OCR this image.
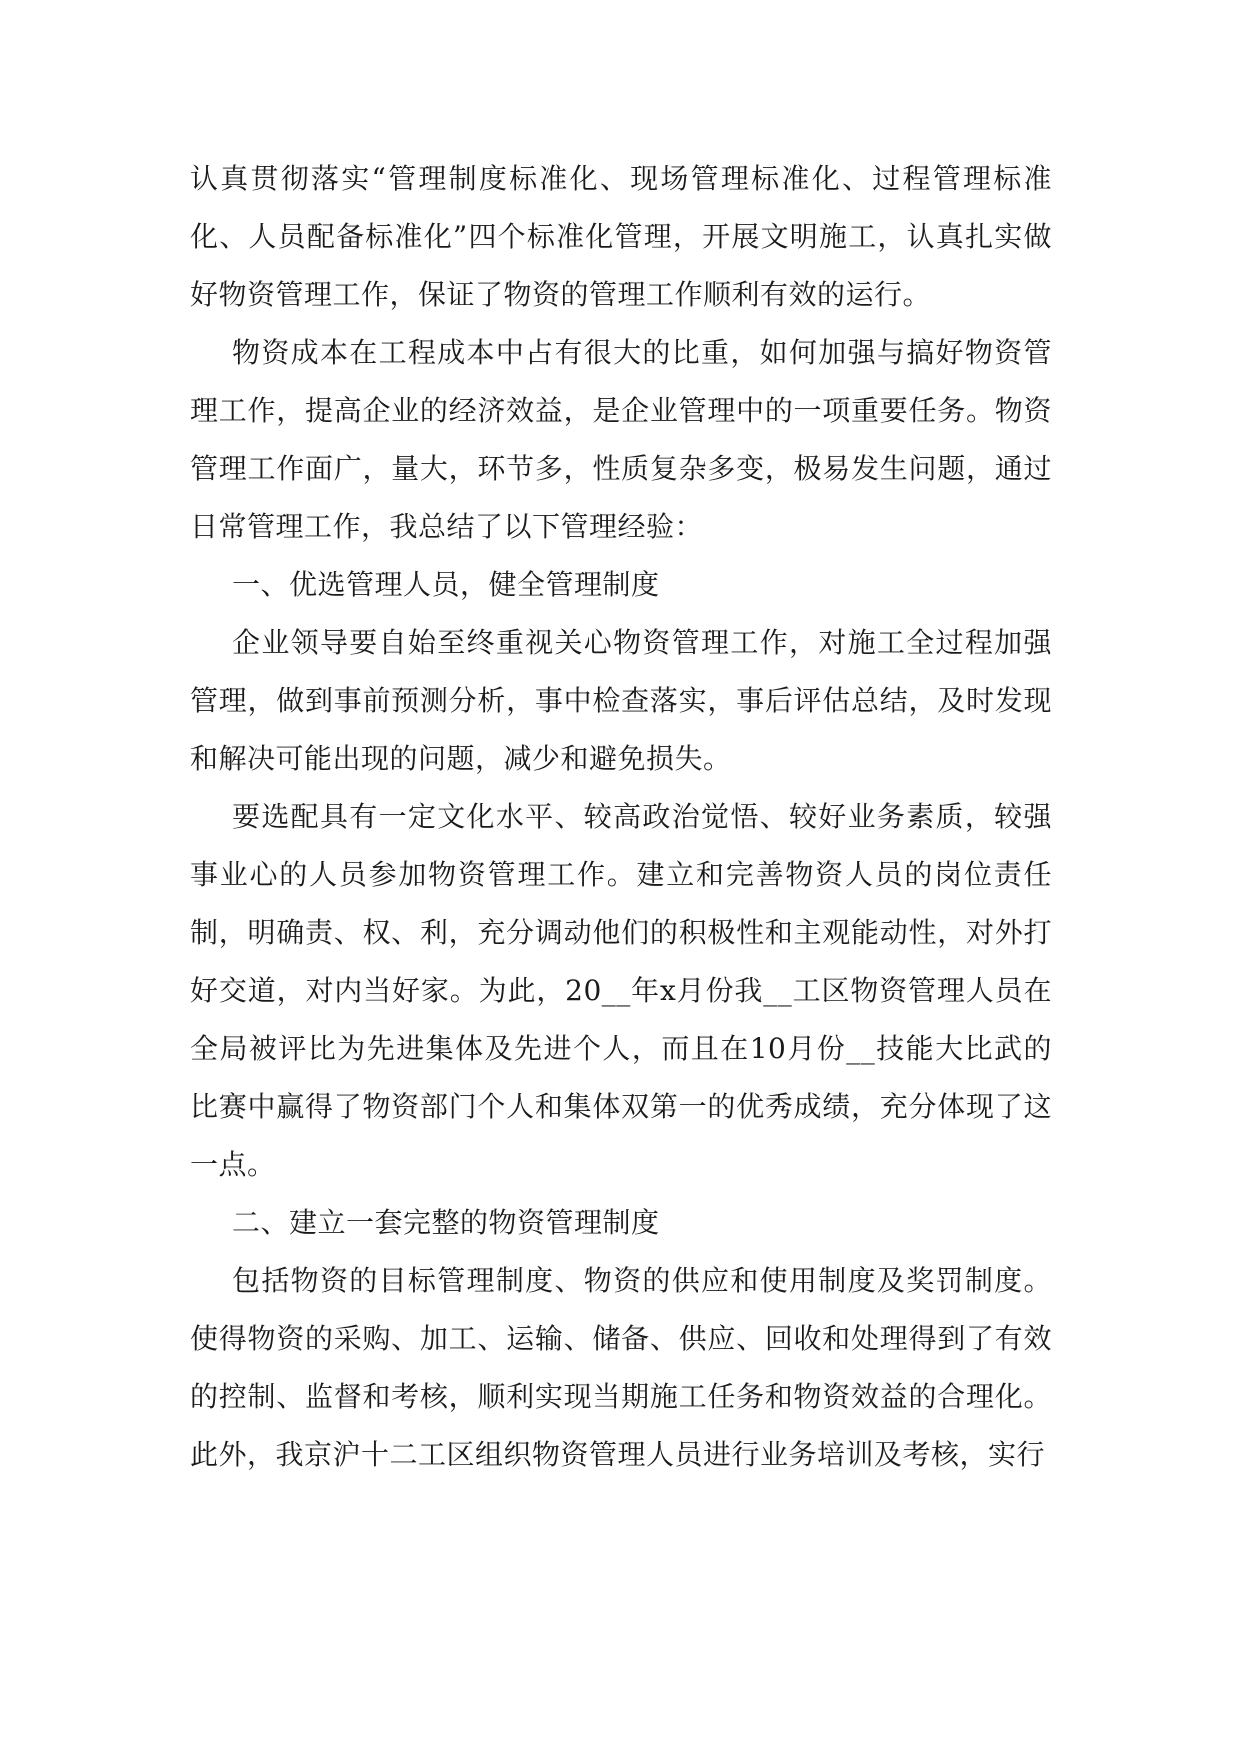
认真贯彻落实“管理制度标准化、现场管理标准化、过程管理标准化、人员配备标准化”四个标准化管理，开展文明施工，认真扎实做好物资管理工作，保证了物资的管理工作顺利有效的运行。

物资成本在工程成本中占有很大的比重，如何加强与搞好物资管理工作，提高企业的经济效益，是企业管理中的一项重要任务。物资管理工作面广，量大，环节多，性质复杂多变，极易发生问题，通过日常管理工作，我总结了以下管理经验：

一、优选管理人员，健全管理制度

企业领导要自始至终重视关心物资管理工作，对施工全过程加强管理，做到事前预测分析，事中检查落实，事后评估总结，及时发现和解决可能出现的问题，减少和避免损失。

要选配具有一定文化水平、较高政治觉悟、较好业务素质，较强事业心的人员参加物资管理工作。建立和完善物资人员的岗位责任制，明确责、权、利，充分调动他们的积极性和主观能动性，对外打好交道，对内当好家。为此，20__年x月份我__工区物资管理人员在全局被评比为先进集体及先进个人，而且在10月份__技能大比武的比赛中赢得了物资部门个人和集体双第一的优秀成绩，充分体现了这一点。

二、建立一套完整的物资管理制度

包括物资的目标管理制度、物资的供应和使用制度及奖罚制度。使得物资的采购、加工、运输、储备、供应、回收和处理得到了有效的控制、监督和考核，顺利实现当期施工任务和物资效益的合理化。此外，我京沪十二工区组织物资管理人员进行业务培训及考核，实行
